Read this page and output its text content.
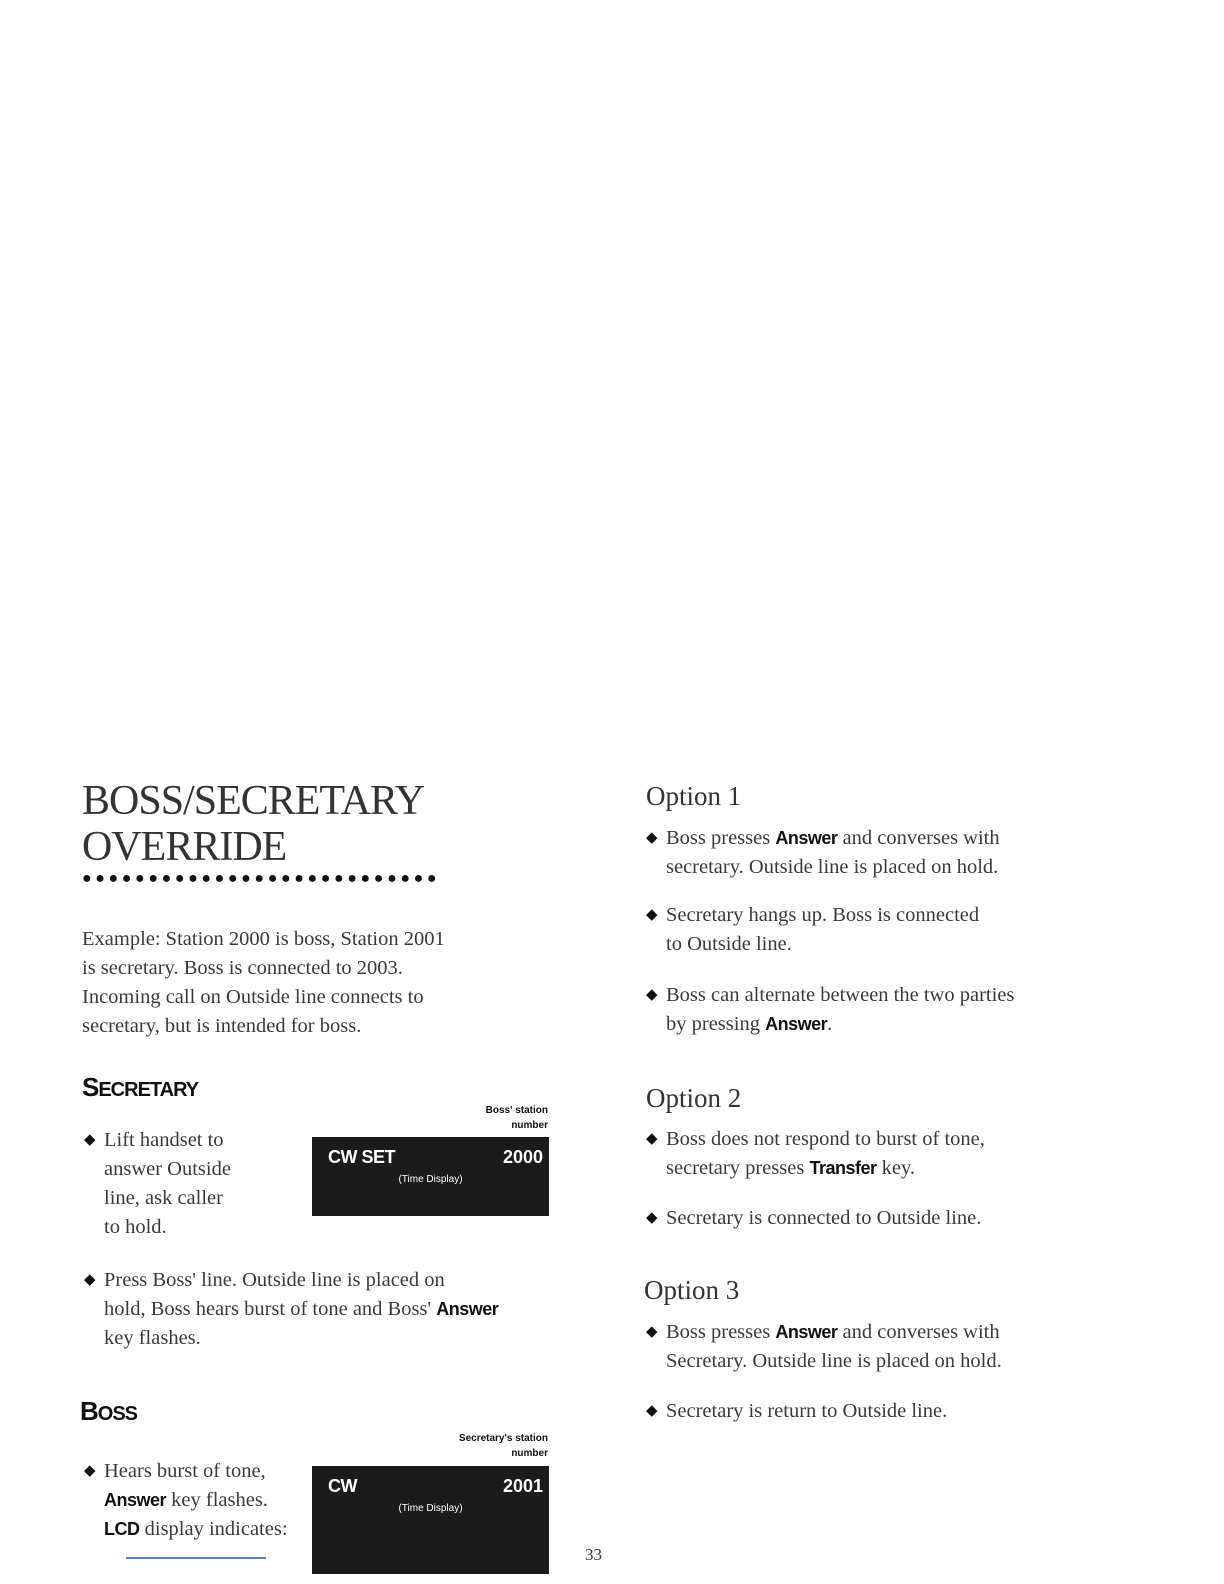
BOSS/SECRETARY
OVERRIDE
●●●●●●●●●●●●●●●●●●●●●●●●●●●
Example: Station 2000 is boss, Station 2001
is secretary. Boss is connected to 2003.
Incoming call on Outside line connects to
secretary, but is intended for boss.
SECRETARY
◆ Lift handset to
answer Outside
line, ask caller
to hold.
Boss' station
number
CW SET	2000
(Time Display)
◆ Press Boss' line. Outside line is placed on
hold, Boss hears burst of tone and Boss' Answer
key flashes.
BOSS
◆ Hears burst of tone,
Answer key flashes.
LCD display indicates:
Secretary's station
number
CW	2001
(Time Display)
Option 1
◆ Boss presses Answer and converses with
secretary. Outside line is placed on hold.
◆ Secretary hangs up. Boss is connected
to Outside line.
◆ Boss can alternate between the two parties
by pressing Answer.
Option 2
◆ Boss does not respond to burst of tone,
secretary presses Transfer key.
◆ Secretary is connected to Outside line.
Option 3
◆ Boss presses Answer and converses with
Secretary. Outside line is placed on hold.
◆ Secretary is return to Outside line.
33
